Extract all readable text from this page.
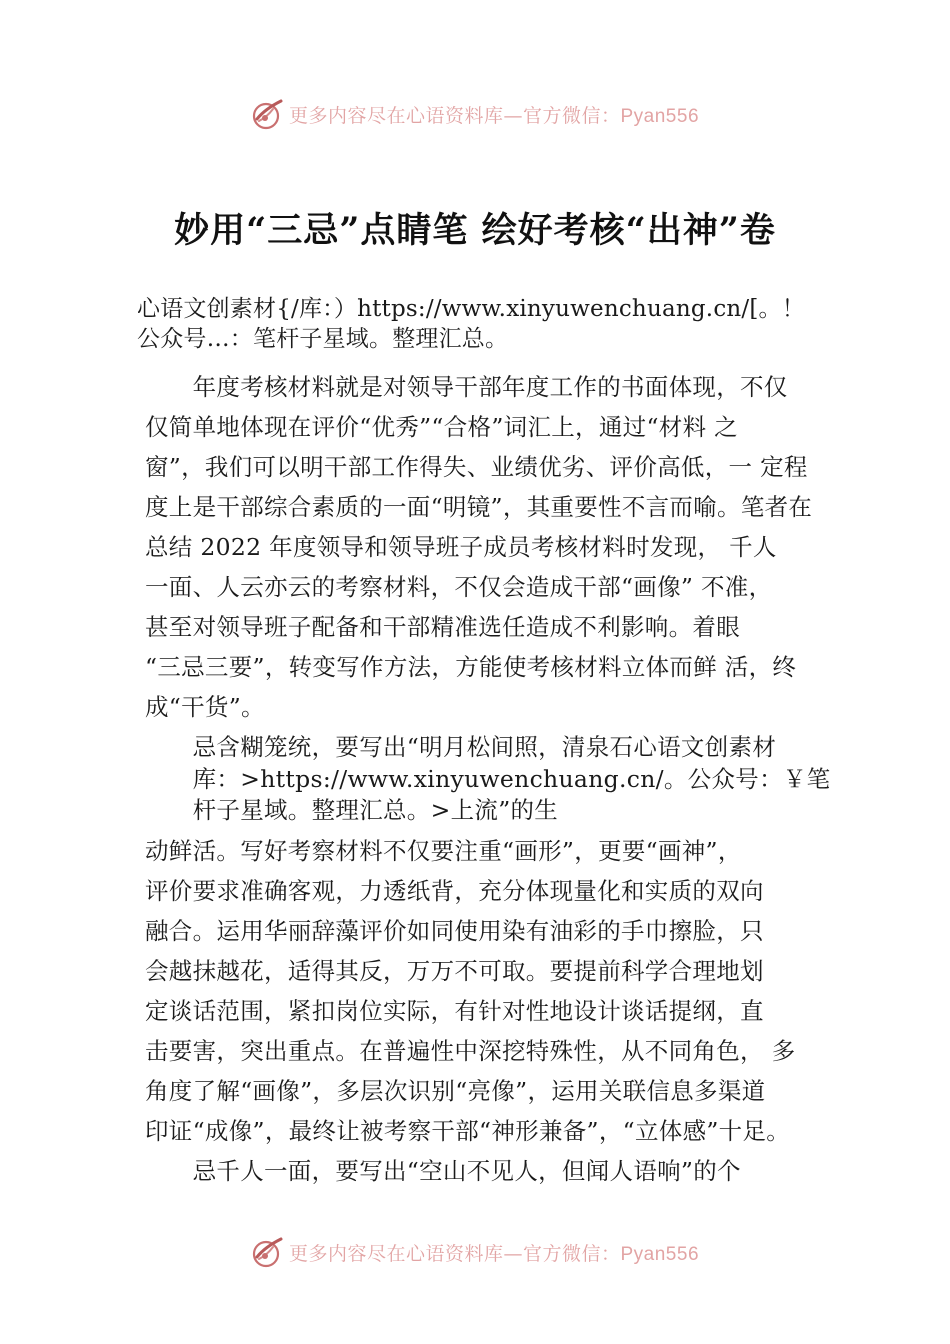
更多内容尽在心语资料库—官方微信：Pyan556
妙用“三忌”点睛笔 绘好考核“出神”卷
心语文创素材{/库：）https://www.xinyuwenchuang.cn/[。！
公众号…：笔杆子星域。整理汇总。
　　年度考核材料就是对领导干部年度工作的书面体现，不仅
仅简单地体现在评价“优秀”“合格”词汇上，通过“材料 之
窗”，我们可以明干部工作得失、业绩优劣、评价高低，一 定程
度上是干部综合素质的一面“明镜”，其重要性不言而喻。笔者在
总结 2022 年度领导和领导班子成员考核材料时发现， 千人
一面、人云亦云的考察材料，不仅会造成干部“画像” 不准，
甚至对领导班子配备和干部精准选任造成不利影响。着眼
“三忌三要”，转变写作方法，方能使考核材料立体而鲜 活，终
成“干货”。
　　忌含糊笼统，要写出“明月松间照，清泉石心语文创素材
　　库：>https://www.xinyuwenchuang.cn/。公众号：￥笔
　　杆子星域。整理汇总。>上流”的生
动鲜活。写好考察材料不仅要注重“画形”，更要“画神”，
评价要求准确客观，力透纸背，充分体现量化和实质的双向
融合。运用华丽辞藻评价如同使用染有油彩的手巾擦脸，只
会越抹越花，适得其反，万万不可取。要提前科学合理地划
定谈话范围，紧扣岗位实际，有针对性地设计谈话提纲，直
击要害，突出重点。在普遍性中深挖特殊性，从不同角色， 多
角度了解“画像”，多层次识别“亮像”，运用关联信息多渠道
印证“成像”，最终让被考察干部“神形兼备”，“立体感”十足。
　　忌千人一面，要写出“空山不见人，但闻人语响”的个
更多内容尽在心语资料库—官方微信：Pyan556
